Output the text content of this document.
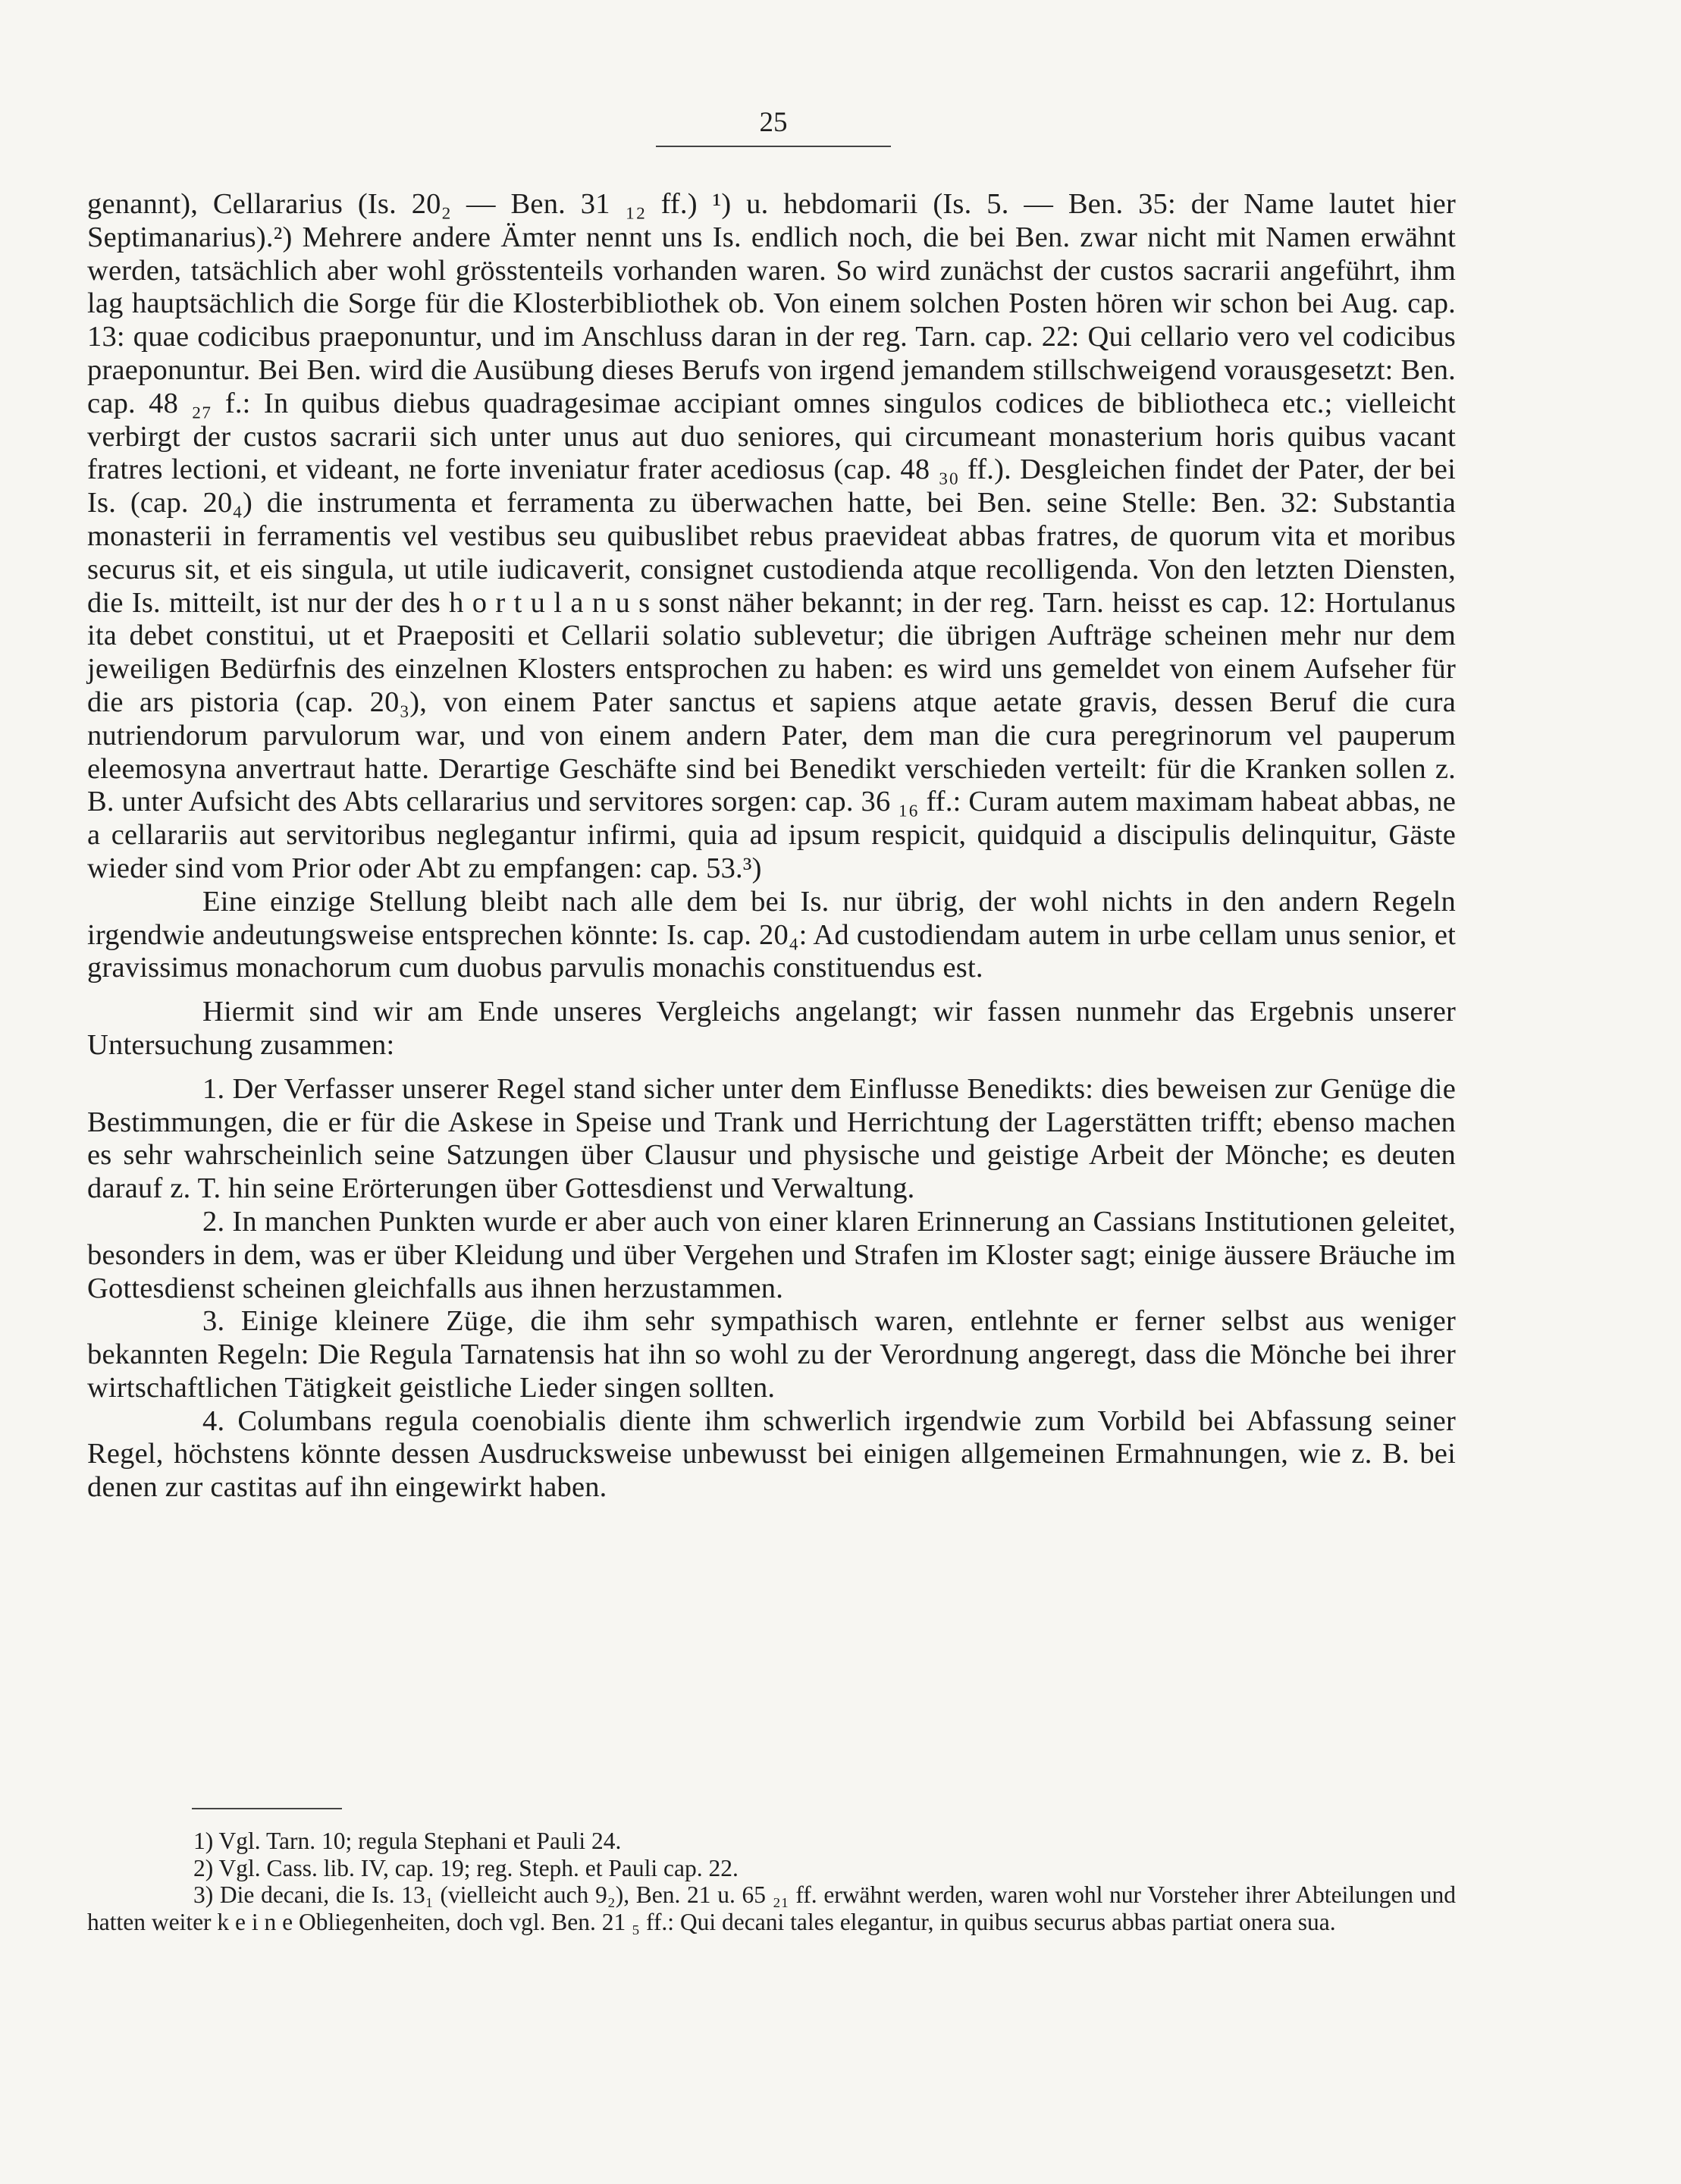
25

genannt), Cellararius (Is. 20₂ — Ben. 31 ₁₂ ff.) ¹) u. hebdomarii (Is. 5. — Ben. 35: der Name lautet hier Septimanarius).²) Mehrere andere Ämter nennt uns Is. endlich noch, die bei Ben. zwar nicht mit Namen erwähnt werden, tatsächlich aber wohl grösstenteils vorhanden waren. So wird zunächst der custos sacrarii angeführt, ihm lag hauptsächlich die Sorge für die Klosterbibliothek ob. Von einem solchen Posten hören wir schon bei Aug. cap. 13: quae codicibus praeponuntur, und im Anschluss daran in der reg. Tarn. cap. 22: Qui cellario vero vel codicibus praeponuntur. Bei Ben. wird die Ausübung dieses Berufs von irgend jemandem stillschweigend vorausgesetzt: Ben. cap. 48 ₂₇ f.: In quibus diebus quadragesimae accipiant omnes singulos codices de bibliotheca etc.; vielleicht verbirgt der custos sacrarii sich unter unus aut duo seniores, qui circumeant monasterium horis quibus vacant fratres lectioni, et videant, ne forte inveniatur frater acediosus (cap. 48 ₃₀ ff.). Desgleichen findet der Pater, der bei Is. (cap. 20₄) die instrumenta et ferramenta zu überwachen hatte, bei Ben. seine Stelle: Ben. 32: Substantia monasterii in ferramentis vel vestibus seu quibuslibet rebus praevideat abbas fratres, de quorum vita et moribus securus sit, et eis singula, ut utile iudicaverit, consignet custodienda atque recolligenda. Von den letzten Diensten, die Is. mitteilt, ist nur der des h o r t u l a n u s sonst näher bekannt; in der reg. Tarn. heisst es cap. 12: Hortulanus ita debet constitui, ut et Praepositi et Cellarii solatio sublevetur; die übrigen Aufträge scheinen mehr nur dem jeweiligen Bedürfnis des einzelnen Klosters entsprochen zu haben: es wird uns gemeldet von einem Aufseher für die ars pistoria (cap. 20₃), von einem Pater sanctus et sapiens atque aetate gravis, dessen Beruf die cura nutriendorum parvulorum war, und von einem andern Pater, dem man die cura peregrinorum vel pauperum eleemosyna anvertraut hatte. Derartige Geschäfte sind bei Benedikt verschieden verteilt: für die Kranken sollen z. B. unter Aufsicht des Abts cellararius und servitores sorgen: cap. 36 ₁₆ ff.: Curam autem maximam habeat abbas, ne a cellarariis aut servitoribus neglegantur infirmi, quia ad ipsum respicit, quidquid a discipulis delinquitur, Gäste wieder sind vom Prior oder Abt zu empfangen: cap. 53.³)

Eine einzige Stellung bleibt nach alle dem bei Is. nur übrig, der wohl nichts in den andern Regeln irgendwie andeutungsweise entsprechen könnte: Is. cap. 20₄: Ad custodiendam autem in urbe cellam unus senior, et gravissimus monachorum cum duobus parvulis monachis constituendus est.

Hiermit sind wir am Ende unseres Vergleichs angelangt; wir fassen nunmehr das Ergebnis unserer Untersuchung zusammen:

1. Der Verfasser unserer Regel stand sicher unter dem Einflusse Benedikts: dies beweisen zur Genüge die Bestimmungen, die er für die Askese in Speise und Trank und Herrichtung der Lagerstätten trifft; ebenso machen es sehr wahrscheinlich seine Satzungen über Clausur und physische und geistige Arbeit der Mönche; es deuten darauf z. T. hin seine Erörterungen über Gottesdienst und Verwaltung.

2. In manchen Punkten wurde er aber auch von einer klaren Erinnerung an Cassians Institutionen geleitet, besonders in dem, was er über Kleidung und über Vergehen und Strafen im Kloster sagt; einige äussere Bräuche im Gottesdienst scheinen gleichfalls aus ihnen herzustammen.

3. Einige kleinere Züge, die ihm sehr sympathisch waren, entlehnte er ferner selbst aus weniger bekannten Regeln: Die Regula Tarnatensis hat ihn so wohl zu der Verordnung angeregt, dass die Mönche bei ihrer wirtschaftlichen Tätigkeit geistliche Lieder singen sollten.

4. Columbans regula coenobialis diente ihm schwerlich irgendwie zum Vorbild bei Abfassung seiner Regel, höchstens könnte dessen Ausdrucksweise unbewusst bei einigen allgemeinen Ermahnungen, wie z. B. bei denen zur castitas auf ihn eingewirkt haben.

1) Vgl. Tarn. 10; regula Stephani et Pauli 24.

2) Vgl. Cass. lib. IV, cap. 19; reg. Steph. et Pauli cap. 22.

3) Die decani, die Is. 13₁ (vielleicht auch 9₂), Ben. 21 u. 65 ₂₁ ff. erwähnt werden, waren wohl nur Vorsteher ihrer Abteilungen und hatten weiter k e i n e Obliegenheiten, doch vgl. Ben. 21 ₅ ff.: Qui decani tales elegantur, in quibus securus abbas partiat onera sua.
